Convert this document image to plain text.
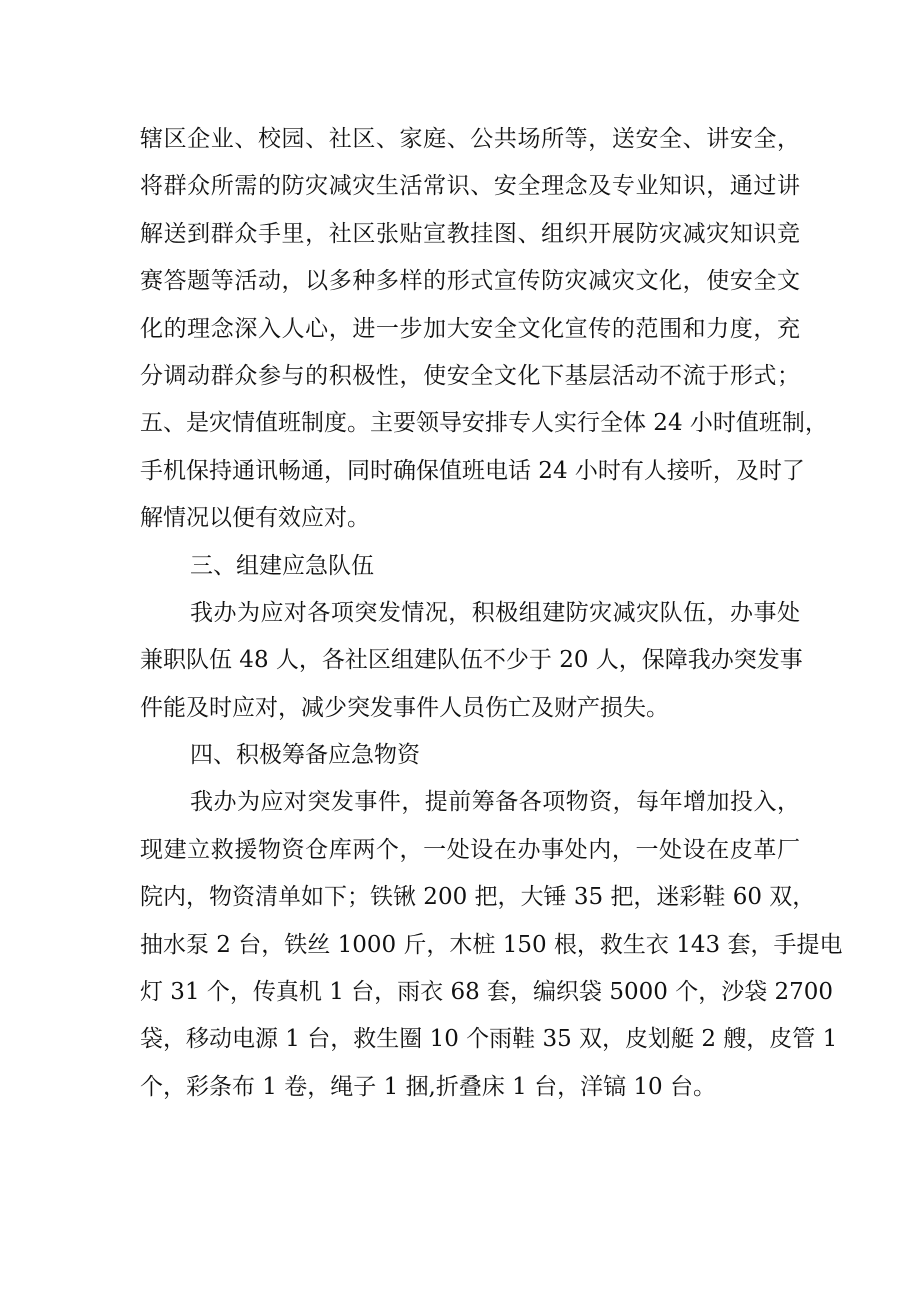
辖区企业、校园、社区、家庭、公共场所等，送安全、讲安全，
将群众所需的防灾减灾生活常识、安全理念及专业知识，通过讲
解送到群众手里，社区张贴宣教挂图、组织开展防灾减灾知识竞
赛答题等活动，以多种多样的形式宣传防灾减灾文化，使安全文
化的理念深入人心，进一步加大安全文化宣传的范围和力度，充
分调动群众参与的积极性，使安全文化下基层活动不流于形式；
五、是灾情值班制度。主要领导安排专人实行全体 24 小时值班制，
手机保持通讯畅通，同时确保值班电话 24 小时有人接听，及时了
解情况以便有效应对。
三、组建应急队伍
我办为应对各项突发情况，积极组建防灾减灾队伍，办事处
兼职队伍 48 人，各社区组建队伍不少于 20 人，保障我办突发事
件能及时应对，减少突发事件人员伤亡及财产损失。
四、积极筹备应急物资
我办为应对突发事件，提前筹备各项物资，每年增加投入，
现建立救援物资仓库两个，一处设在办事处内，一处设在皮革厂
院内，物资清单如下；铁锹 200 把，大锤 35 把，迷彩鞋 60 双，
抽水泵 2 台，铁丝 1000 斤，木桩 150 根，救生衣 143 套，手提电
灯 31 个，传真机 1 台，雨衣 68 套，编织袋 5000 个，沙袋 2700
袋，移动电源 1 台，救生圈 10 个雨鞋 35 双，皮划艇 2 艘，皮管 1
个，彩条布 1 卷，绳子 1 捆,折叠床 1 台，洋镐 10 台。
